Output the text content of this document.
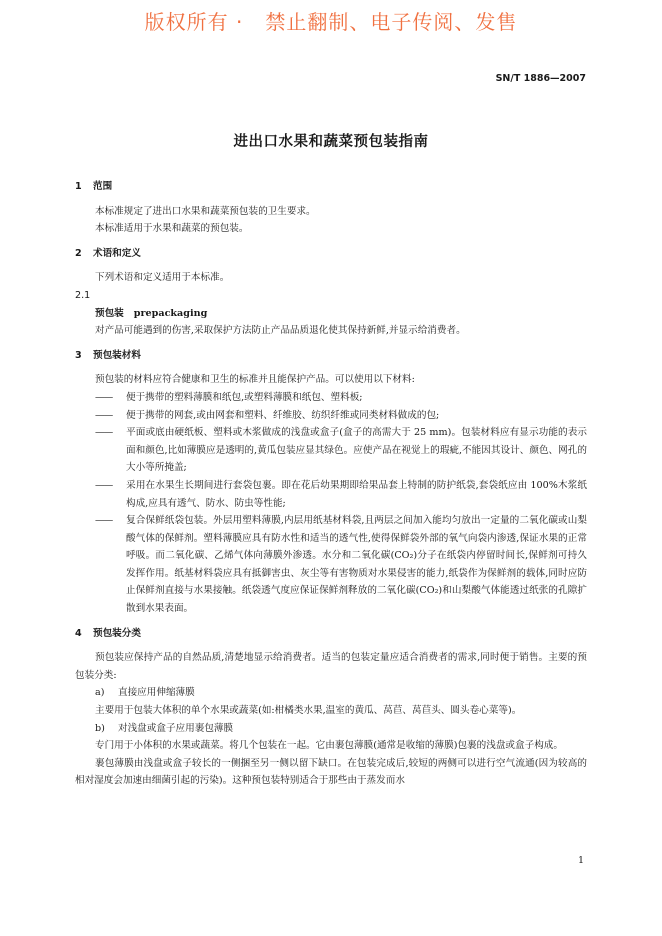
版权所有 ·   禁止翻制、电子传阅、发售
SN/T 1886—2007
进出口水果和蔬菜预包装指南

1 范围

本标准规定了进出口水果和蔬菜预包装的卫生要求。

本标准适用于水果和蔬菜的预包装。

2 术语和定义

下列术语和定义适用于本标准。

2.1

预包装 prepackaging

对产品可能遇到的伤害,采取保护方法防止产品品质退化使其保持新鲜,并显示给消费者。

3 预包装材料

预包装的材料应符合健康和卫生的标准并且能保护产品。可以使用以下材料:

—— 便于携带的塑料薄膜和纸包,或塑料薄膜和纸包、塑料板;

—— 便于携带的网套,或由网套和塑料、纤维胶、纺织纤维或同类材料做成的包;

—— 平面或底由硬纸板、塑料或木浆做成的浅盘或盒子(盒子的高需大于 25 mm)。包装材料应有显示功能的表示面和颜色,比如薄膜应是透明的,黄瓜包装应显其绿色。应使产品在视觉上的瑕疵,不能因其设计、颜色、网孔的大小等所掩盖;

—— 采用在水果生长期间进行套袋包裹。即在花后幼果期即给果品套上特制的防护纸袋,套袋纸应由 100%木浆纸构成,应具有透气、防水、防虫等性能;

—— 复合保鲜纸袋包装。外层用塑料薄膜,内层用纸基材料袋,且两层之间加入能均匀放出一定量的二氧化碳或山梨酸气体的保鲜剂。塑料薄膜应具有防水性和适当的透气性,使得保鲜袋外部的氧气向袋内渗透,保证水果的正常呼吸。而二氧化碳、乙烯气体向薄膜外渗透。水分和二氧化碳(CO₂)分子在纸袋内停留时间长,保鲜剂可持久发挥作用。纸基材料袋应具有抵御害虫、灰尘等有害物质对水果侵害的能力,纸袋作为保鲜剂的载体,同时应防止保鲜剂直接与水果接触。纸袋透气度应保证保鲜剂释放的二氧化碳(CO₂)和山梨酸气体能透过纸张的孔隙扩散到水果表面。

4 预包装分类

预包装应保持产品的自然品质,清楚地显示给消费者。适当的包装定量应适合消费者的需求,同时便于销售。主要的预包装分类:

a) 直接应用伸缩薄膜

主要用于包装大体积的单个水果或蔬菜(如:柑橘类水果,温室的黄瓜、莴苣、莴苣头、圆头卷心菜等)。

b) 对浅盘或盒子应用裹包薄膜

专门用于小体积的水果或蔬菜。将几个包装在一起。它由裹包薄膜(通常是收缩的薄膜)包裹的浅盘或盒子构成。

裹包薄膜由浅盘或盒子较长的一侧捆至另一侧以留下缺口。在包装完成后,较短的两侧可以进行空气流通(因为较高的相对湿度会加速由细菌引起的污染)。这种预包装特别适合于那些由于蒸发而水

1
